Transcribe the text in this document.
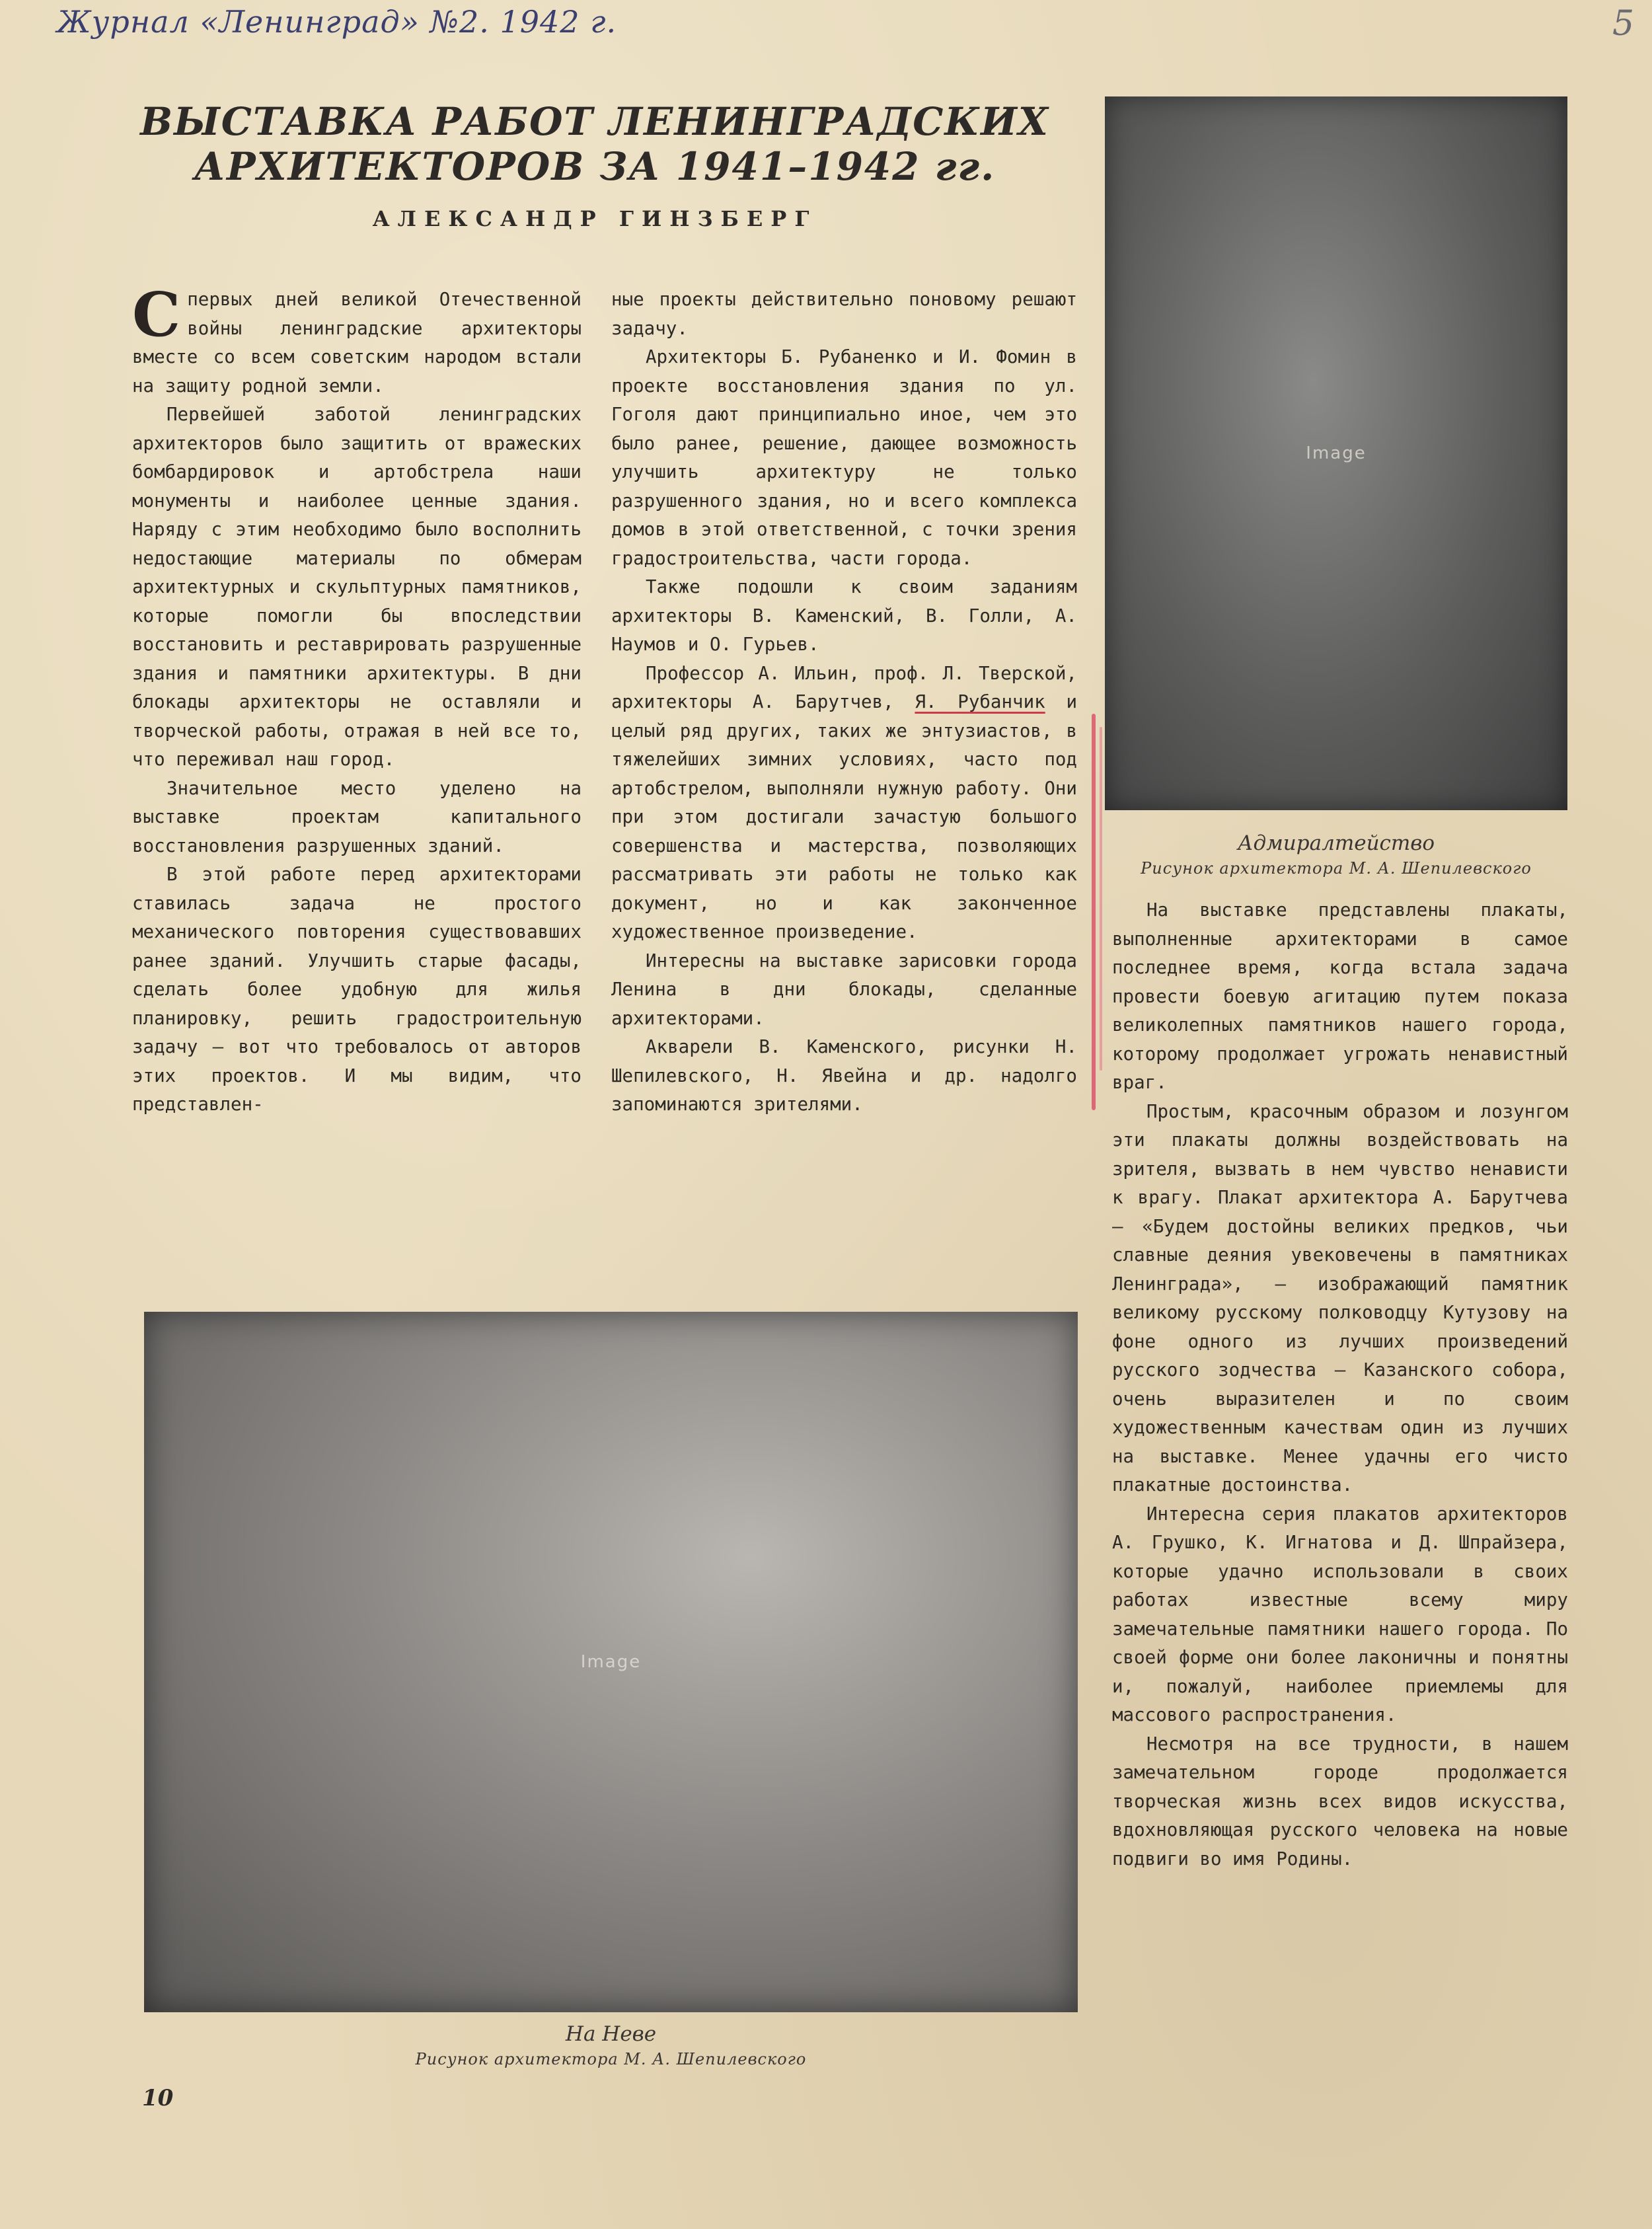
Журнал «Ленинград» №2. 1942 г.	5
ВЫСТАВКА РАБОТ ЛЕНИНГРАДСКИХ
АРХИТЕКТОРОВ ЗА 1941–1942 гг.
АЛЕКСАНДР ГИНЗБЕРГ

Спервых дней великой Отечественной войны ленинградские архитекторы вместе со всем советским народом встали на защиту родной земли.

Первейшей заботой ленинградских архитекторов было защитить от вражеских бомбардировок и артобстрела наши монументы и наиболее ценные здания. Наряду с этим необходимо было восполнить недостающие материалы по обмерам архитектурных и скульптурных памятников, которые помогли бы впоследствии восстановить и реставрировать разрушенные здания и памятники архитектуры. В дни блокады архитекторы не оставляли и творческой работы, отражая в ней все то, что переживал наш город.

Значительное место уделено на выставке проектам капитального восстановления разрушенных зданий.

В этой работе перед архитекторами ставилась задача не простого механического повторения существовавших ранее зданий. Улучшить старые фасады, сделать более удобную для жилья планировку, решить градостроительную задачу — вот что требовалось от авторов этих проектов. И мы видим, что представлен-

ные проекты действительно поновому решают задачу.

Архитекторы Б. Рубаненко и И. Фомин в проекте восстановления здания по ул. Гоголя дают принципиально иное, чем это было ранее, решение, дающее возможность улучшить архитектуру не только разрушенного здания, но и всего комплекса домов в этой ответственной, с точки зрения градостроительства, части города.

Также подошли к своим заданиям архитекторы В. Каменский, В. Голли, А. Наумов и О. Гурьев.

Профессор А. Ильин, проф. Л. Тверской, архитекторы А. Барутчев, Я. Рубанчик и целый ряд других, таких же энтузиастов, в тяжелейших зимних условиях, часто под артобстрелом, выполняли нужную работу. Они при этом достигали зачастую большого совершенства и мастерства, позволяющих рассматривать эти работы не только как документ, но и как законченное художественное произведение.

Интересны на выставке зарисовки города Ленина в дни блокады, сделанные архитекторами.

Акварели В. Каменского, рисунки Н. Шепилевского, Н. Явейна и др. надолго запоминаются зрителями.

Image
Адмиралтейство
Рисунок архитектора М. А. Шепилевского

На выставке представлены плакаты, выполненные архитекторами в самое последнее время, когда встала задача провести боевую агитацию путем показа великолепных памятников нашего города, которому продолжает угрожать ненавистный враг.

Простым, красочным образом и лозунгом эти плакаты должны воздействовать на зрителя, вызвать в нем чувство ненависти к врагу. Плакат архитектора А. Барутчева — «Будем достойны великих предков, чьи славные деяния увековечены в памятниках Ленинграда», — изображающий памятник великому русскому полководцу Кутузову на фоне одного из лучших произведений русского зодчества — Казанского собора, очень выразителен и по своим художественным качествам один из лучших на выставке. Менее удачны его чисто плакатные достоинства.

Интересна серия плакатов архитекторов А. Грушко, К. Игнатова и Д. Шпрайзера, которые удачно использовали в своих работах известные всему миру замечательные памятники нашего города. По своей форме они более лаконичны и понятны и, пожалуй, наиболее приемлемы для массового распространения.

Несмотря на все трудности, в нашем замечательном городе продолжается творческая жизнь всех видов искусства, вдохновляющая русского человека на новые подвиги во имя Родины.

Image
На Неве
Рисунок архитектора М. А. Шепилевского
10
